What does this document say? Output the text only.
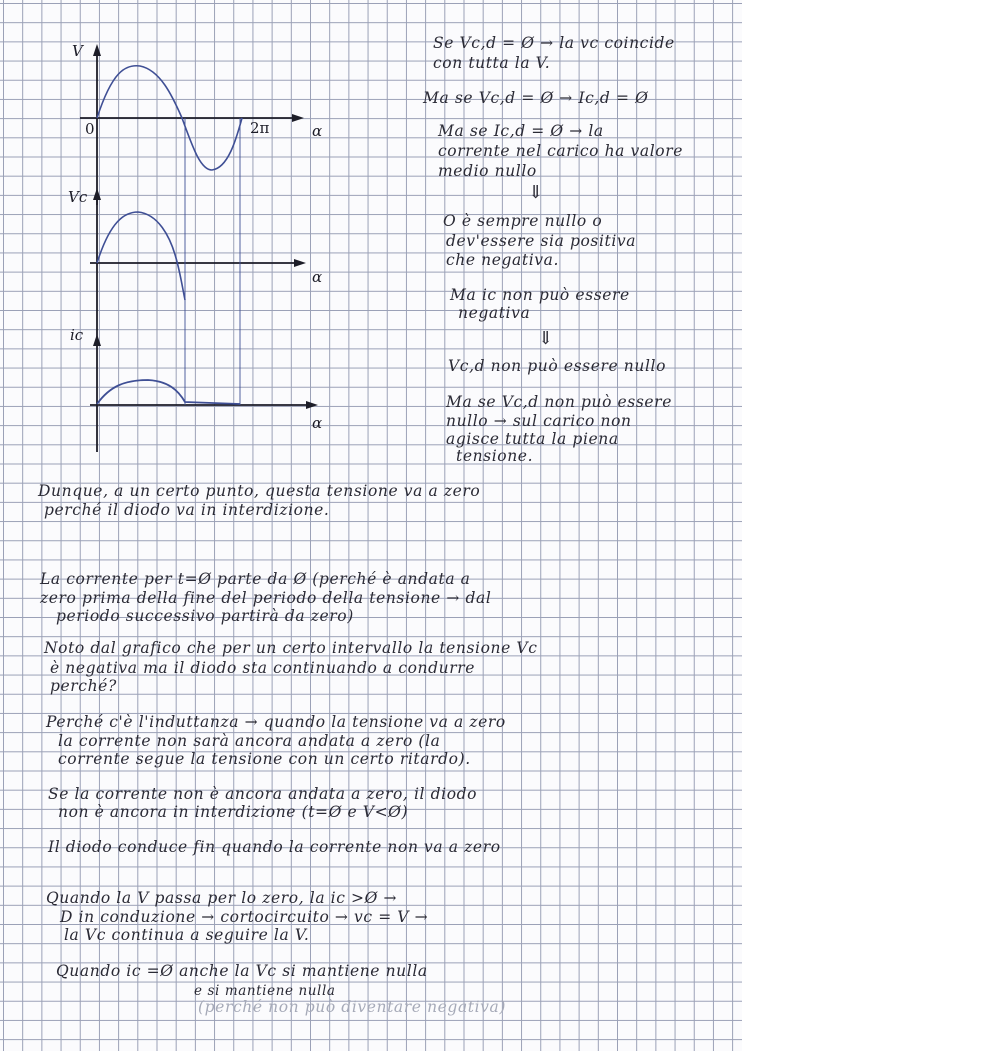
V
0	2π	α
Vc
α
ic
α

Se Vc,d = Ø → la vc coincide

con tutta la V.

Ma se Vc,d = Ø → Ic,d = Ø

Ma se Ic,d = Ø → la

corrente nel carico ha valore

medio nullo

⇓

O è sempre nullo o

dev'essere sia positiva

che negativa.

Ma ic non può essere

negativa

⇓

Vc,d non può essere nullo

Ma se Vc,d non può essere

nullo → sul carico non

agisce tutta la piena

tensione.

Dunque, a un certo punto, questa tensione va a zero

perché il diodo va in interdizione.

La corrente per t=Ø parte da Ø (perché è andata a

zero prima della fine del periodo della tensione → dal

periodo successivo partirà da zero)

Noto dal grafico che per un certo intervallo la tensione Vc

è negativa ma il diodo sta continuando a condurre

perché?

Perché c'è l'induttanza → quando la tensione va a zero

la corrente non sarà ancora andata a zero (la

corrente segue la tensione con un certo ritardo).

Se la corrente non è ancora andata a zero, il diodo

non è ancora in interdizione (t=Ø e V<Ø)

Il diodo conduce fin quando la corrente non va a zero

Quando la V passa per lo zero, la ic >Ø →

D in conduzione → cortocircuito → vc = V →

la Vc continua a seguire la V.

Quando ic =Ø anche la Vc si mantiene nulla

e si mantiene nulla

(perché non può diventare negativa)
